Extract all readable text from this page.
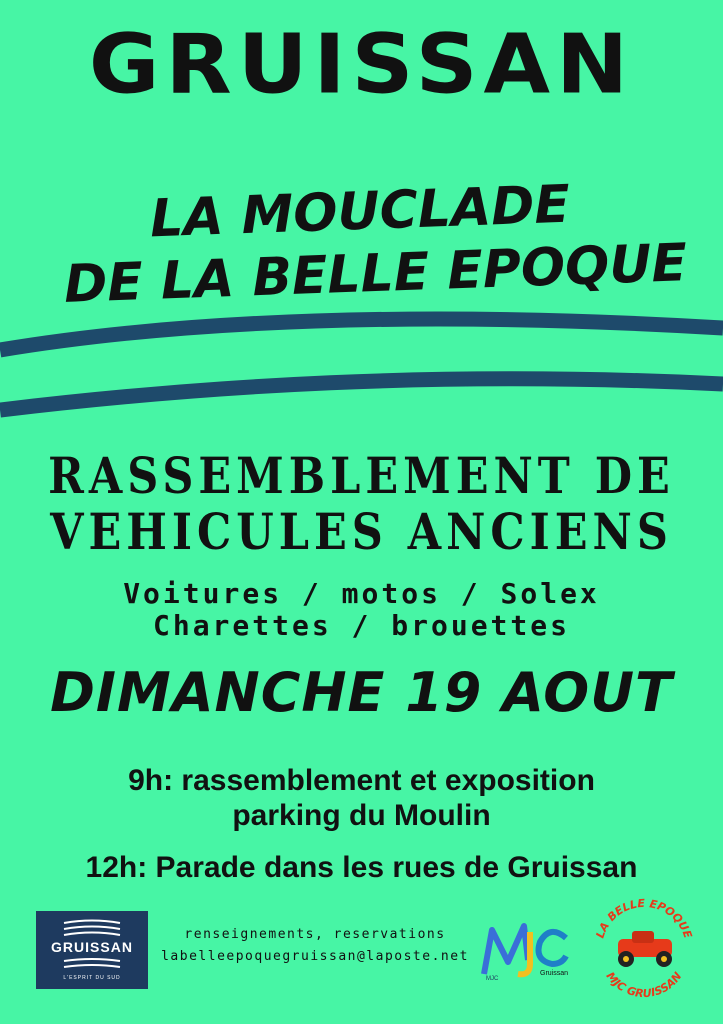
GRUISSAN
LA MOUCLADE
DE LA BELLE EPOQUE
RASSEMBLEMENT DE
VEHICULES ANCIENS
Voitures / motos / Solex
Charettes / brouettes
DIMANCHE 19 AOUT
9h: rassemblement et exposition
parking du Moulin
12h: Parade dans les rues de Gruissan
GRUISSAN
L'ESPRIT DU SUD
renseignements, reservations
labelleepoquegruissan@laposte.net
MJC
Gruissan
LA BELLE EPOQUE
MJC GRUISSAN
